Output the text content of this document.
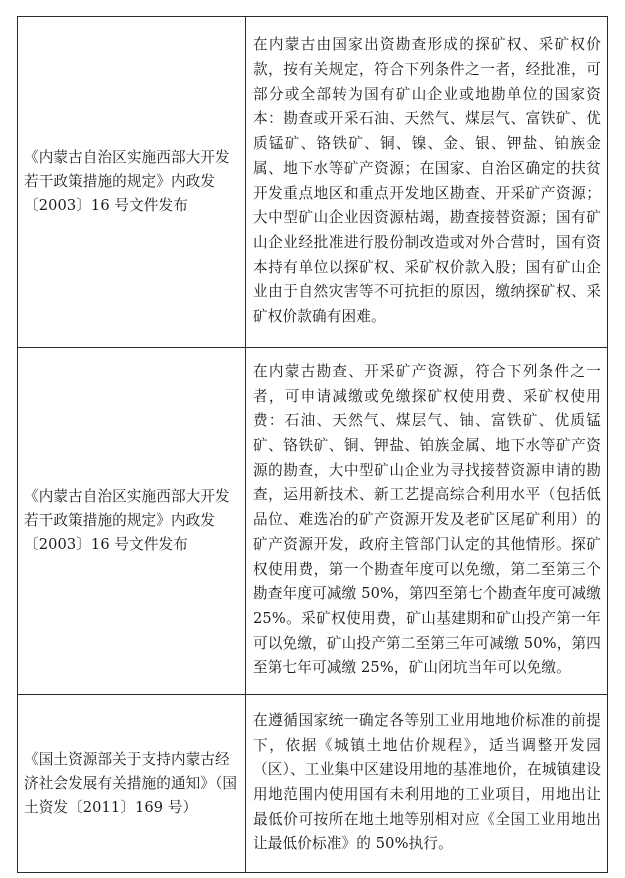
《内蒙古自治区实施西部大开发若干政策措施的规定》内政发〔2003〕16 号文件发布	在内蒙古由国家出资勘查形成的探矿权、采矿权价款，按有关规定，符合下列条件之一者，经批准，可部分或全部转为国有矿山企业或地勘单位的国家资本：勘查或开采石油、天然气、煤层气、富铁矿、优质锰矿、铬铁矿、铜、镍、金、银、钾盐、铂族金属、地下水等矿产资源；在国家、自治区确定的扶贫开发重点地区和重点开发地区勘查、开采矿产资源；大中型矿山企业因资源枯竭，勘查接替资源；国有矿山企业经批准进行股份制改造或对外合营时，国有资本持有单位以探矿权、采矿权价款入股；国有矿山企业由于自然灾害等不可抗拒的原因，缴纳探矿权、采矿权价款确有困难。
《内蒙古自治区实施西部大开发若干政策措施的规定》内政发〔2003〕16 号文件发布	在内蒙古勘查、开采矿产资源，符合下列条件之一者，可申请减缴或免缴探矿权使用费、采矿权使用费：石油、天然气、煤层气、铀、富铁矿、优质锰矿、铬铁矿、铜、钾盐、铂族金属、地下水等矿产资源的勘查，大中型矿山企业为寻找接替资源申请的勘查，运用新技术、新工艺提高综合利用水平（包括低品位、难选冶的矿产资源开发及老矿区尾矿利用）的矿产资源开发，政府主管部门认定的其他情形。探矿权使用费，第一个勘查年度可以免缴，第二至第三个勘查年度可减缴 50%，第四至第七个勘查年度可减缴 25%。采矿权使用费，矿山基建期和矿山投产第一年可以免缴，矿山投产第二至第三年可减缴 50%，第四至第七年可减缴 25%，矿山闭坑当年可以免缴。
《国土资源部关于支持内蒙古经济社会发展有关措施的通知》（国土资发〔2011〕169 号）	在遵循国家统一确定各等别工业用地地价标准的前提下，依据《城镇土地估价规程》，适当调整开发园（区）、工业集中区建设用地的基准地价，在城镇建设用地范围内使用国有未利用地的工业项目，用地出让最低价可按所在地土地等别相对应《全国工业用地出让最低价标准》的 50%执行。
